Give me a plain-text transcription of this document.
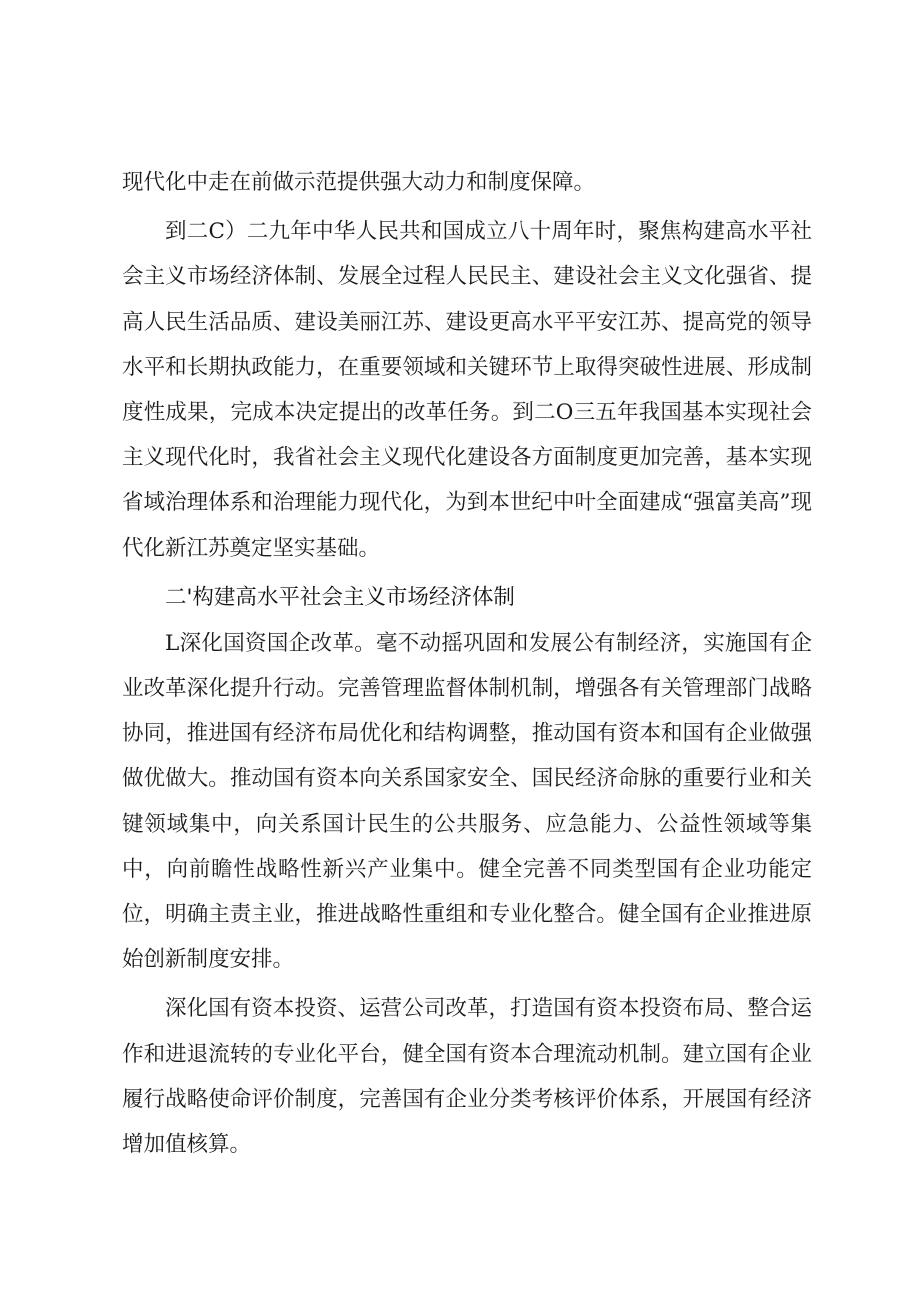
现代化中走在前做示范提供强大动力和制度保障。

到二C）二九年中华人民共和国成立八十周年时，聚焦构建高水平社会主义市场经济体制、发展全过程人民民主、建设社会主义文化强省、提高人民生活品质、建设美丽江苏、建设更高水平平安江苏、提高党的领导水平和长期执政能力，在重要领域和关键环节上取得突破性进展、形成制度性成果，完成本决定提出的改革任务。到二O三五年我国基本实现社会主义现代化时，我省社会主义现代化建设各方面制度更加完善，基本实现省域治理体系和治理能力现代化，为到本世纪中叶全面建成“强富美高”现代化新江苏奠定坚实基础。

二'构建高水平社会主义市场经济体制

L深化国资国企改革。毫不动摇巩固和发展公有制经济，实施国有企业改革深化提升行动。完善管理监督体制机制，增强各有关管理部门战略协同，推进国有经济布局优化和结构调整，推动国有资本和国有企业做强做优做大。推动国有资本向关系国家安全、国民经济命脉的重要行业和关键领域集中，向关系国计民生的公共服务、应急能力、公益性领域等集中，向前瞻性战略性新兴产业集中。健全完善不同类型国有企业功能定位，明确主责主业，推进战略性重组和专业化整合。健全国有企业推进原始创新制度安排。

深化国有资本投资、运营公司改革，打造国有资本投资布局、整合运作和进退流转的专业化平台，健全国有资本合理流动机制。建立国有企业履行战略使命评价制度，完善国有企业分类考核评价体系，开展国有经济增加值核算。
